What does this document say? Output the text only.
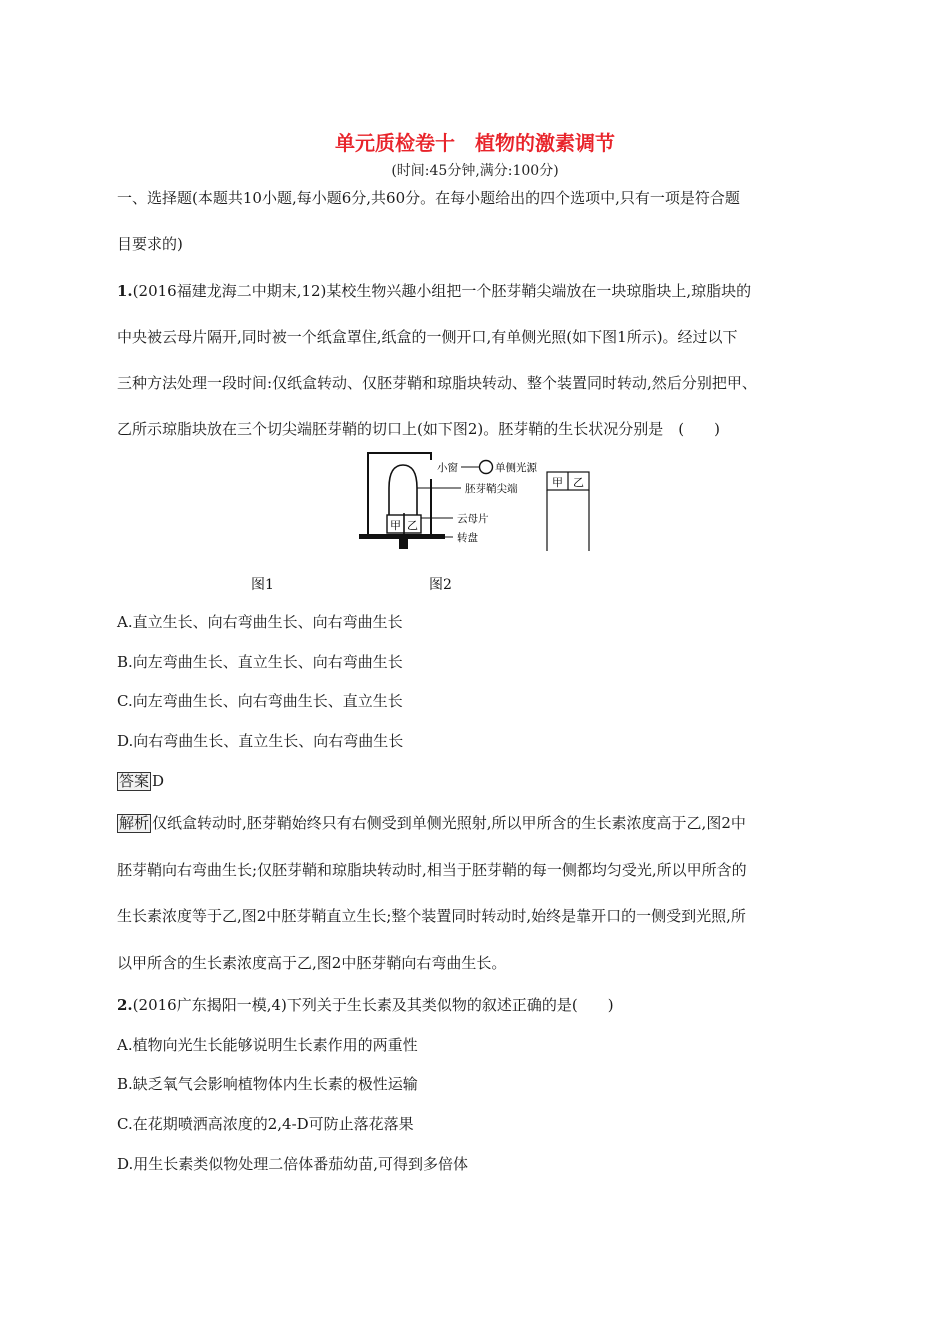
单元质检卷十　植物的激素调节
(时间:45分钟,满分:100分)
一、选择题(本题共10小题,每小题6分,共60分。在每小题给出的四个选项中,只有一项是符合题
目要求的)
1.(2016福建龙海二中期末,12)某校生物兴趣小组把一个胚芽鞘尖端放在一块琼脂块上,琼脂块的
中央被云母片隔开,同时被一个纸盒罩住,纸盒的一侧开口,有单侧光照(如下图1所示)。经过以下
三种方法处理一段时间:仅纸盒转动、仅胚芽鞘和琼脂块转动、整个装置同时转动,然后分别把甲、
乙所示琼脂块放在三个切尖端胚芽鞘的切口上(如下图2)。胚芽鞘的生长状况分别是　(　　)
甲 乙
小窗	单侧光源
胚芽鞘尖端
云母片
转盘
甲 乙
图1	图2
A.直立生长、向右弯曲生长、向右弯曲生长
B.向左弯曲生长、直立生长、向右弯曲生长
C.向左弯曲生长、向右弯曲生长、直立生长
D.向右弯曲生长、直立生长、向右弯曲生长
答案 D
解析 仅纸盒转动时,胚芽鞘始终只有右侧受到单侧光照射,所以甲所含的生长素浓度高于乙,图2中
胚芽鞘向右弯曲生长;仅胚芽鞘和琼脂块转动时,相当于胚芽鞘的每一侧都均匀受光,所以甲所含的
生长素浓度等于乙,图2中胚芽鞘直立生长;整个装置同时转动时,始终是靠开口的一侧受到光照,所
以甲所含的生长素浓度高于乙,图2中胚芽鞘向右弯曲生长。
2.(2016广东揭阳一模,4)下列关于生长素及其类似物的叙述正确的是(　　)
A.植物向光生长能够说明生长素作用的两重性
B.缺乏氧气会影响植物体内生长素的极性运输
C.在花期喷洒高浓度的2,4-D可防止落花落果
D.用生长素类似物处理二倍体番茄幼苗,可得到多倍体
